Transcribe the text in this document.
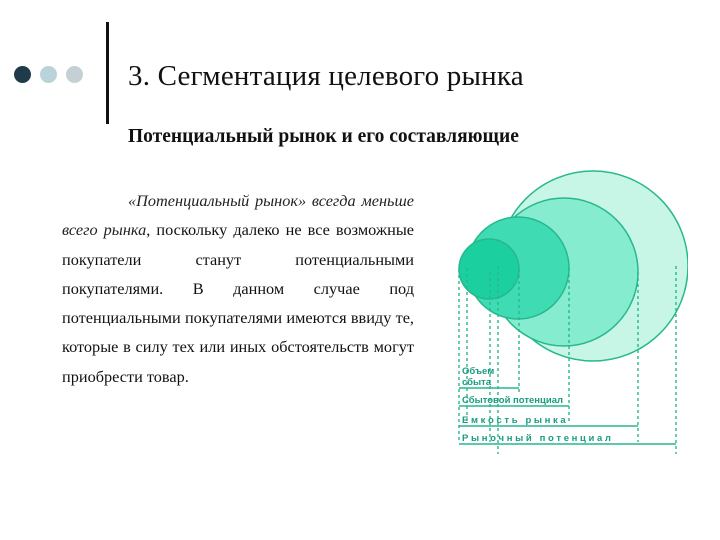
3. Сегментация целевого рынка
Потенциальный рынок и его составляющие
«Потенциальный рынок» всегда меньше всего рынка, поскольку далеко не все возможные покупатели станут потенциальными покупателями. В данном случае под потенциальными покупателями имеются ввиду те, которые в силу тех или иных обстоятельств могут приобрести товар.	Объем
сбыта
Сбытовой потенциал
Е м к о с т ь   р ы н к а
Р ы н о ч н ы й   п о т е н ц и а л
